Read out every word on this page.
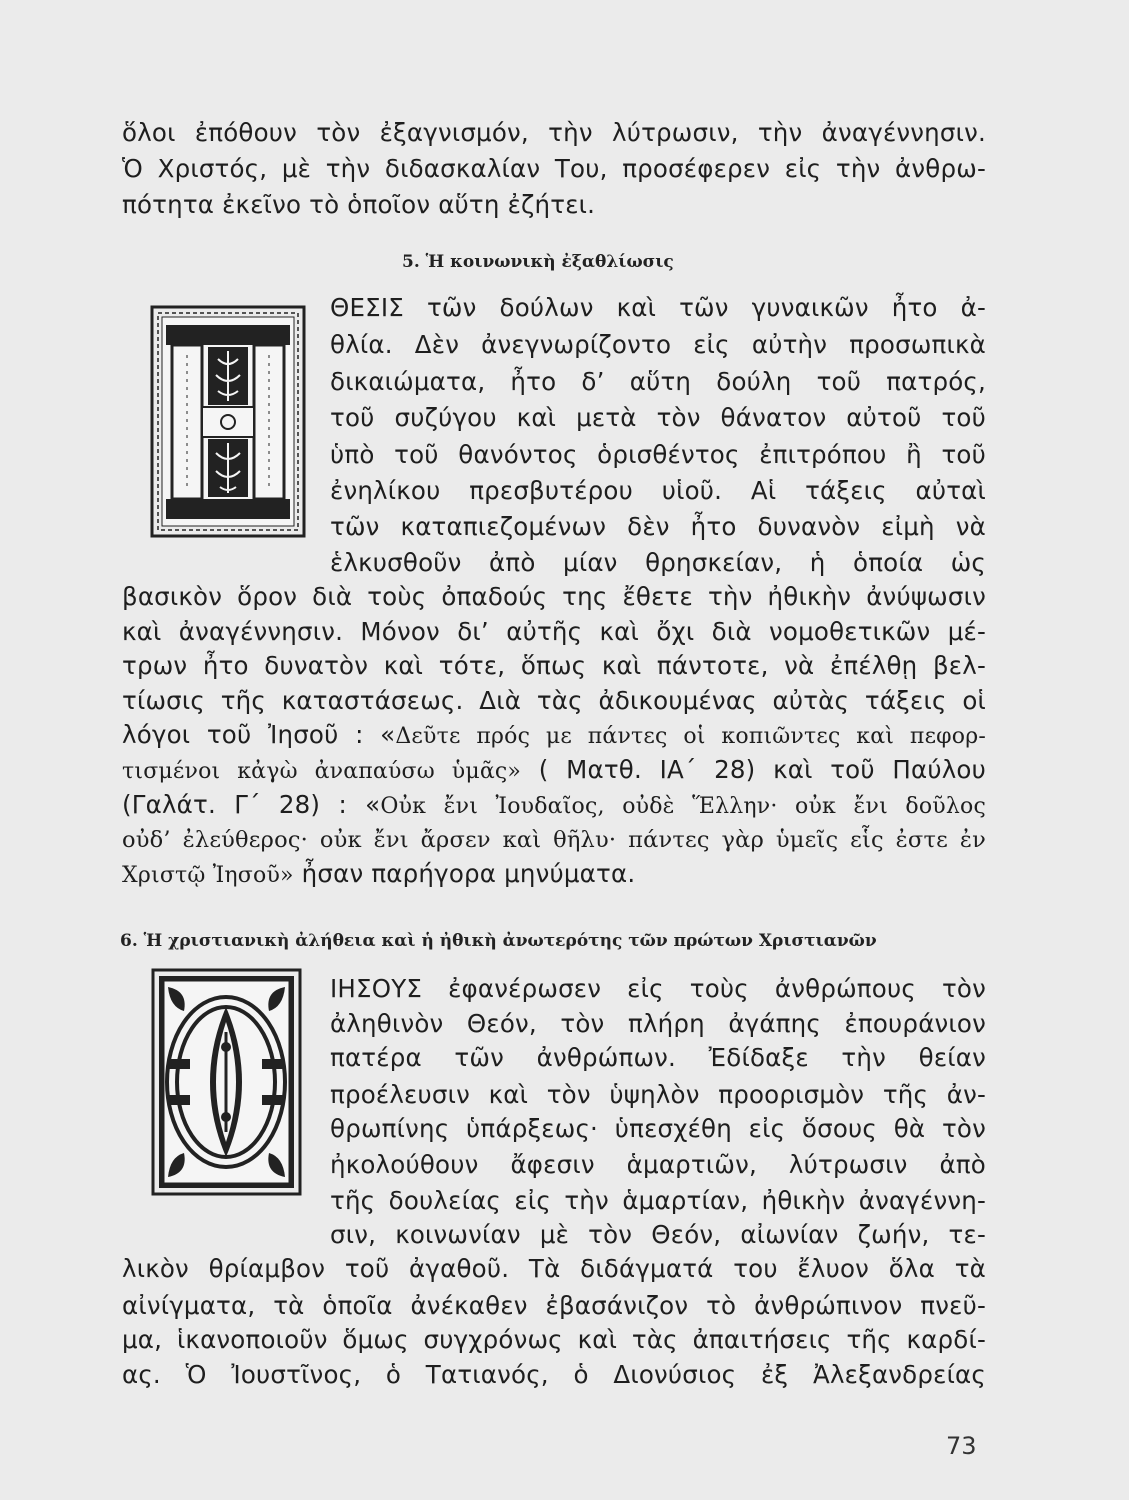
ὅλοι ἐπόθουν τὸν ἐξαγνισμόν, τὴν λύτρωσιν, τὴν ἀναγέννησιν.
Ὁ Χριστός, μὲ τὴν διδασκαλίαν Του, προσέφερεν εἰς τὴν ἀνθρω-
πότητα ἐκεῖνο τὸ ὁποῖον αὕτη ἐζήτει.
5. Ἡ κοινωνικὴ ἐξαθλίωσις
ΘΕΣΙΣ τῶν δούλων καὶ τῶν γυναικῶν ἦτο ἀ-
θλία. Δὲν ἀνεγνωρίζοντο εἰς αὐτὴν προσωπικὰ
δικαιώματα, ἦτο δ’ αὕτη δούλη τοῦ πατρός,
τοῦ συζύγου καὶ μετὰ τὸν θάνατον αὐτοῦ τοῦ
ὑπὸ τοῦ θανόντος ὁρισθέντος ἐπιτρόπου ἢ τοῦ
ἐνηλίκου πρεσβυτέρου υἱοῦ. Αἱ τάξεις αὐταὶ
τῶν καταπιεζομένων δὲν ἦτο δυνανὸν εἰμὴ νὰ
ἑλκυσθοῦν ἀπὸ μίαν θρησκείαν, ἡ ὁποία ὡς
βασικὸν ὅρον διὰ τοὺς ὀπαδούς της ἔθετε τὴν ἠθικὴν ἀνύψωσιν
καὶ ἀναγέννησιν. Μόνον δι’ αὐτῆς καὶ ὄχι διὰ νομοθετικῶν μέ-
τρων ἦτο δυνατὸν καὶ τότε, ὅπως καὶ πάντοτε, νὰ ἐπέλθῃ βελ-
τίωσις τῆς καταστάσεως. Διὰ τὰς ἀδικουμένας αὐτὰς τάξεις οἱ
λόγοι τοῦ Ἰησοῦ : «Δεῦτε πρός με πάντες οἱ κοπιῶντες καὶ πεφορ-
τισμένοι κἀγὼ ἀναπαύσω ὑμᾶς» ( Ματθ. ΙΑ΄ 28) καὶ τοῦ Παύλου
(Γαλάτ. Γ΄ 28) : «Οὐκ ἔνι Ἰουδαῖος, οὐδὲ Ἕλλην· οὐκ ἔνι δοῦλος
οὐδ’ ἐλεύθερος· οὐκ ἔνι ἄρσεν καὶ θῆλυ· πάντες γὰρ ὑμεῖς εἷς ἐστε ἐν
Χριστῷ Ἰησοῦ» ἦσαν παρήγορα μηνύματα.
6. Ἡ χριστιανικὴ ἀλήθεια καὶ ἡ ἠθικὴ ἀνωτερότης τῶν πρώτων Χριστιανῶν
ΙΗΣΟΥΣ ἐφανέρωσεν εἰς τοὺς ἀνθρώπους τὸν
ἀληθινὸν Θεόν, τὸν πλήρη ἀγάπης ἐπουράνιον
πατέρα τῶν ἀνθρώπων. Ἐδίδαξε τὴν θείαν
προέλευσιν καὶ τὸν ὑψηλὸν προορισμὸν τῆς ἀν-
θρωπίνης ὑπάρξεως· ὑπεσχέθη εἰς ὅσους θὰ τὸν
ἠκολούθουν ἄφεσιν ἁμαρτιῶν, λύτρωσιν ἀπὸ
τῆς δουλείας εἰς τὴν ἁμαρτίαν, ἠθικὴν ἀναγέννη-
σιν, κοινωνίαν μὲ τὸν Θεόν, αἰωνίαν ζωήν, τε-
λικὸν θρίαμβον τοῦ ἀγαθοῦ. Τὰ διδάγματά του ἔλυον ὅλα τὰ
αἰνίγματα, τὰ ὁποῖα ἀνέκαθεν ἐβασάνιζον τὸ ἀνθρώπινον πνεῦ-
μα, ἱκανοποιοῦν ὅμως συγχρόνως καὶ τὰς ἀπαιτήσεις τῆς καρδί-
ας. Ὁ Ἰουστῖνος, ὁ Τατιανός, ὁ Διονύσιος ἐξ Ἀλεξανδρείας
73
